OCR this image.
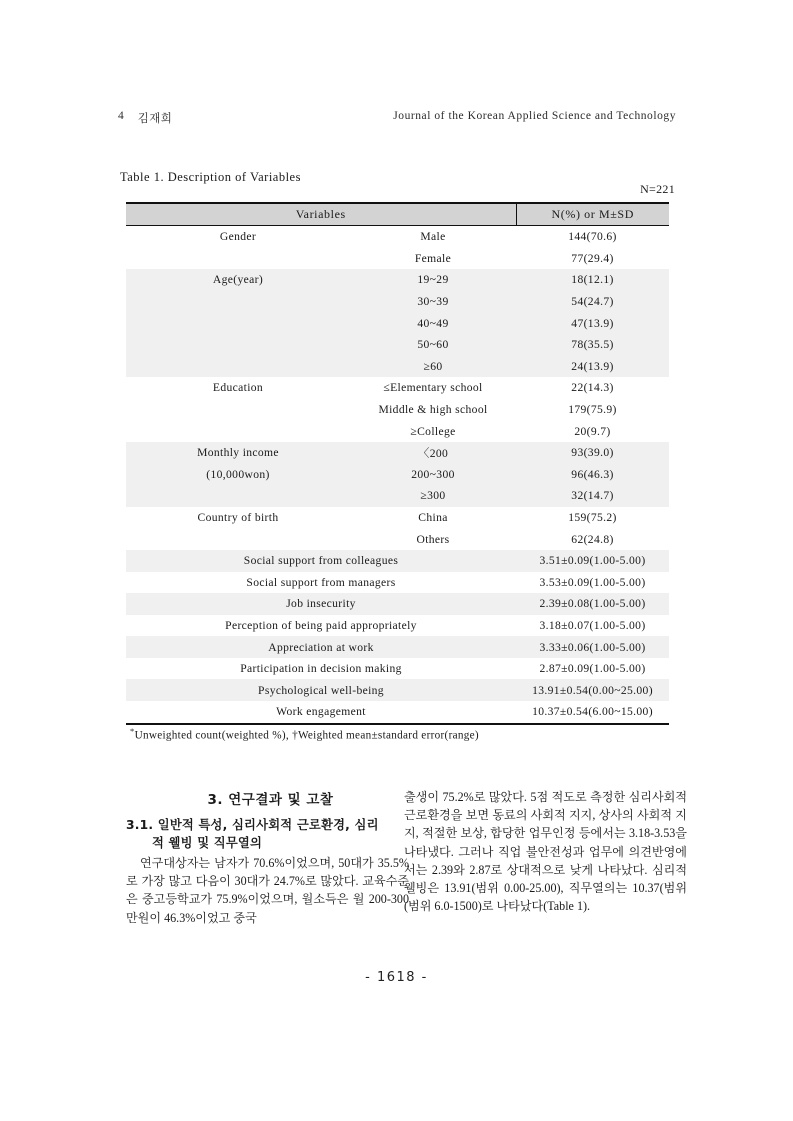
4 김재희	Journal of the Korean Applied Science and Technology
Table 1. Description of Variables
N=221
Variables		N(%) or M±SD
Gender	Male	144(70.6)
	Female	77(29.4)
Age(year)	19~29	18(12.1)
	30~39	54(24.7)
	40~49	47(13.9)
	50~60	78(35.5)
	≥60	24(13.9)
Education	≤Elementary school	22(14.3)
	Middle & high school	179(75.9)
	≥College	20(9.7)
Monthly income	〈200	93(39.0)
(10,000won)	200~300	96(46.3)
	≥300	32(14.7)
Country of birth	China	159(75.2)
	Others	62(24.8)
Social support from colleagues		3.51±0.09(1.00-5.00)
Social support from managers		3.53±0.09(1.00-5.00)
Job insecurity		2.39±0.08(1.00-5.00)
Perception of being paid appropriately		3.18±0.07(1.00-5.00)
Appreciation at work		3.33±0.06(1.00-5.00)
Participation in decision making		2.87±0.09(1.00-5.00)
Psychological well-being		13.91±0.54(0.00~25.00)
Work engagement		10.37±0.54(6.00~15.00)
*Unweighted count(weighted %), †Weighted mean±standard error(range)
3. 연구결과 및 고찰
3.1. 일반적 특성, 심리사회적 근로환경, 심리
적 웰빙 및 직무열의

연구대상자는 남자가 70.6%이었으며, 50대가 35.5%로 가장 많고 다음이 30대가 24.7%로 많았다. 교육수준은 중고등학교가 75.9%이었으며, 월소득은 월 200-300만원이 46.3%이었고 중국

출생이 75.2%로 많았다. 5점 적도로 측정한 심리사회적 근로환경을 보면 동료의 사회적 지지, 상사의 사회적 지지, 적절한 보상, 합당한 업무인정 등에서는 3.18-3.53을 나타냈다. 그러나 직업 불안전성과 업무에 의견반영에서는 2.39와 2.87로 상대적으로 낮게 나타났다. 심리적 웰빙은 13.91(범위 0.00-25.00), 직무열의는 10.37(범위 (범위 6.0-1500)로 나타났다(Table 1).

- 1618 -
